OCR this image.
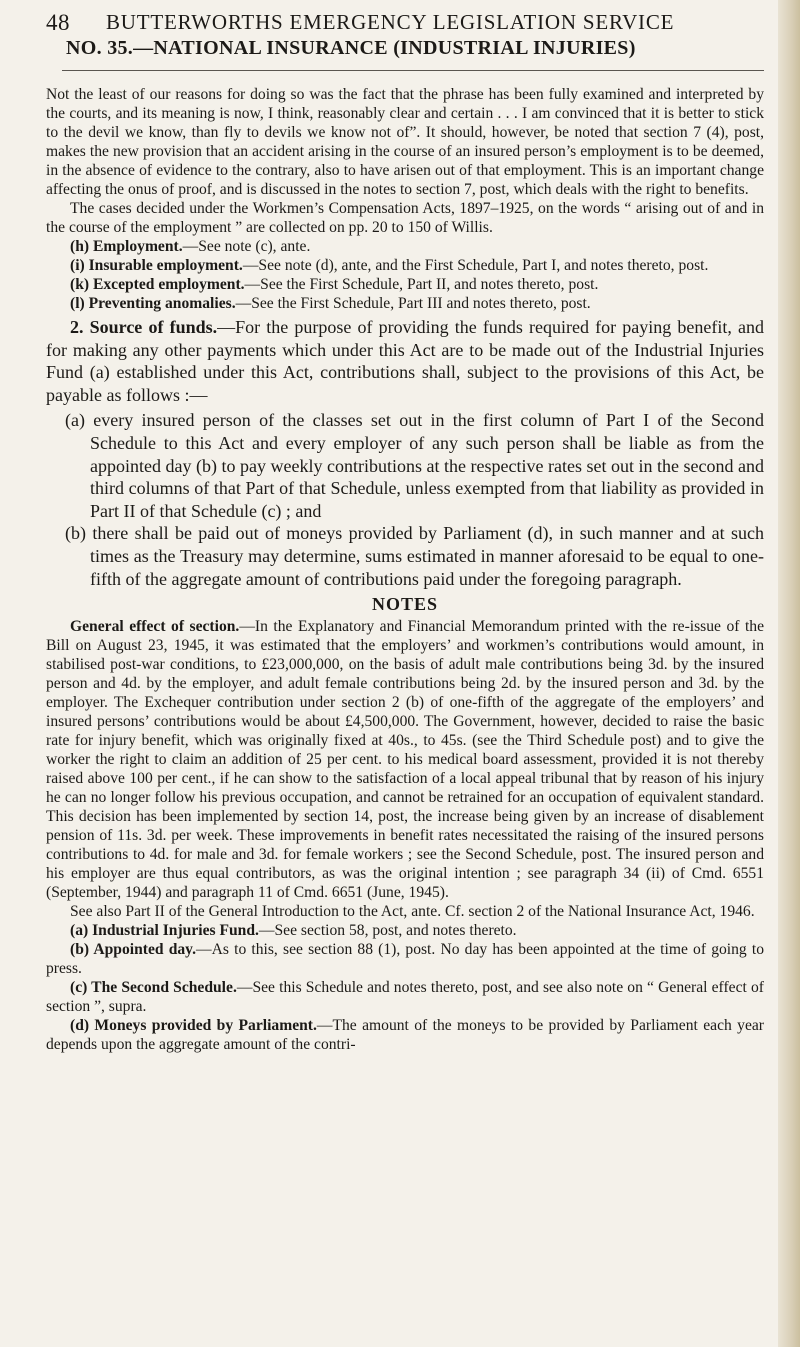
48 BUTTERWORTHS EMERGENCY LEGISLATION SERVICE
NO. 35.—NATIONAL INSURANCE (INDUSTRIAL INJURIES)

Not the least of our reasons for doing so was the fact that the phrase has been fully examined and interpreted by the courts, and its meaning is now, I think, reasonably clear and certain . . . I am convinced that it is better to stick to the devil we know, than fly to devils we know not of”. It should, however, be noted that section 7 (4), post, makes the new provision that an accident arising in the course of an insured person’s employment is to be deemed, in the absence of evidence to the contrary, also to have arisen out of that employment. This is an important change affecting the onus of proof, and is discussed in the notes to section 7, post, which deals with the right to benefits.

The cases decided under the Workmen’s Compensation Acts, 1897–1925, on the words “ arising out of and in the course of the employment ” are collected on pp. 20 to 150 of Willis.

(h) Employment.—See note (c), ante.

(i) Insurable employment.—See note (d), ante, and the First Schedule, Part I, and notes thereto, post.

(k) Excepted employment.—See the First Schedule, Part II, and notes thereto, post.

(l) Preventing anomalies.—See the First Schedule, Part III and notes thereto, post.

2. Source of funds.—For the purpose of providing the funds required for paying benefit, and for making any other payments which under this Act are to be made out of the Industrial Injuries Fund (a) established under this Act, contributions shall, subject to the provisions of this Act, be payable as follows :—

(a) every insured person of the classes set out in the first column of Part I of the Second Schedule to this Act and every employer of any such person shall be liable as from the appointed day (b) to pay weekly contributions at the respective rates set out in the second and third columns of that Part of that Schedule, unless exempted from that liability as provided in Part II of that Schedule (c) ; and

(b) there shall be paid out of moneys provided by Parliament (d), in such manner and at such times as the Treasury may determine, sums estimated in manner aforesaid to be equal to one-fifth of the aggregate amount of contributions paid under the foregoing paragraph.

NOTES

General effect of section.—In the Explanatory and Financial Memorandum printed with the re-issue of the Bill on August 23, 1945, it was estimated that the employers’ and workmen’s contributions would amount, in stabilised post-war conditions, to £23,000,000, on the basis of adult male contributions being 3d. by the insured person and 4d. by the employer, and adult female contributions being 2d. by the insured person and 3d. by the employer. The Exchequer contribution under section 2 (b) of one-fifth of the aggregate of the employers’ and insured persons’ contributions would be about £4,500,000. The Government, however, decided to raise the basic rate for injury benefit, which was originally fixed at 40s., to 45s. (see the Third Schedule post) and to give the worker the right to claim an addition of 25 per cent. to his medical board assessment, provided it is not thereby raised above 100 per cent., if he can show to the satisfaction of a local appeal tribunal that by reason of his injury he can no longer follow his previous occupation, and cannot be retrained for an occupation of equivalent standard. This decision has been implemented by section 14, post, the increase being given by an increase of disablement pension of 11s. 3d. per week. These improvements in benefit rates necessitated the raising of the insured persons contributions to 4d. for male and 3d. for female workers ; see the Second Schedule, post. The insured person and his employer are thus equal contributors, as was the original intention ; see paragraph 34 (ii) of Cmd. 6551 (September, 1944) and paragraph 11 of Cmd. 6651 (June, 1945).

See also Part II of the General Introduction to the Act, ante. Cf. section 2 of the National Insurance Act, 1946.

(a) Industrial Injuries Fund.—See section 58, post, and notes thereto.

(b) Appointed day.—As to this, see section 88 (1), post. No day has been appointed at the time of going to press.

(c) The Second Schedule.—See this Schedule and notes thereto, post, and see also note on “ General effect of section ”, supra.

(d) Moneys provided by Parliament.—The amount of the moneys to be provided by Parliament each year depends upon the aggregate amount of the contri-
